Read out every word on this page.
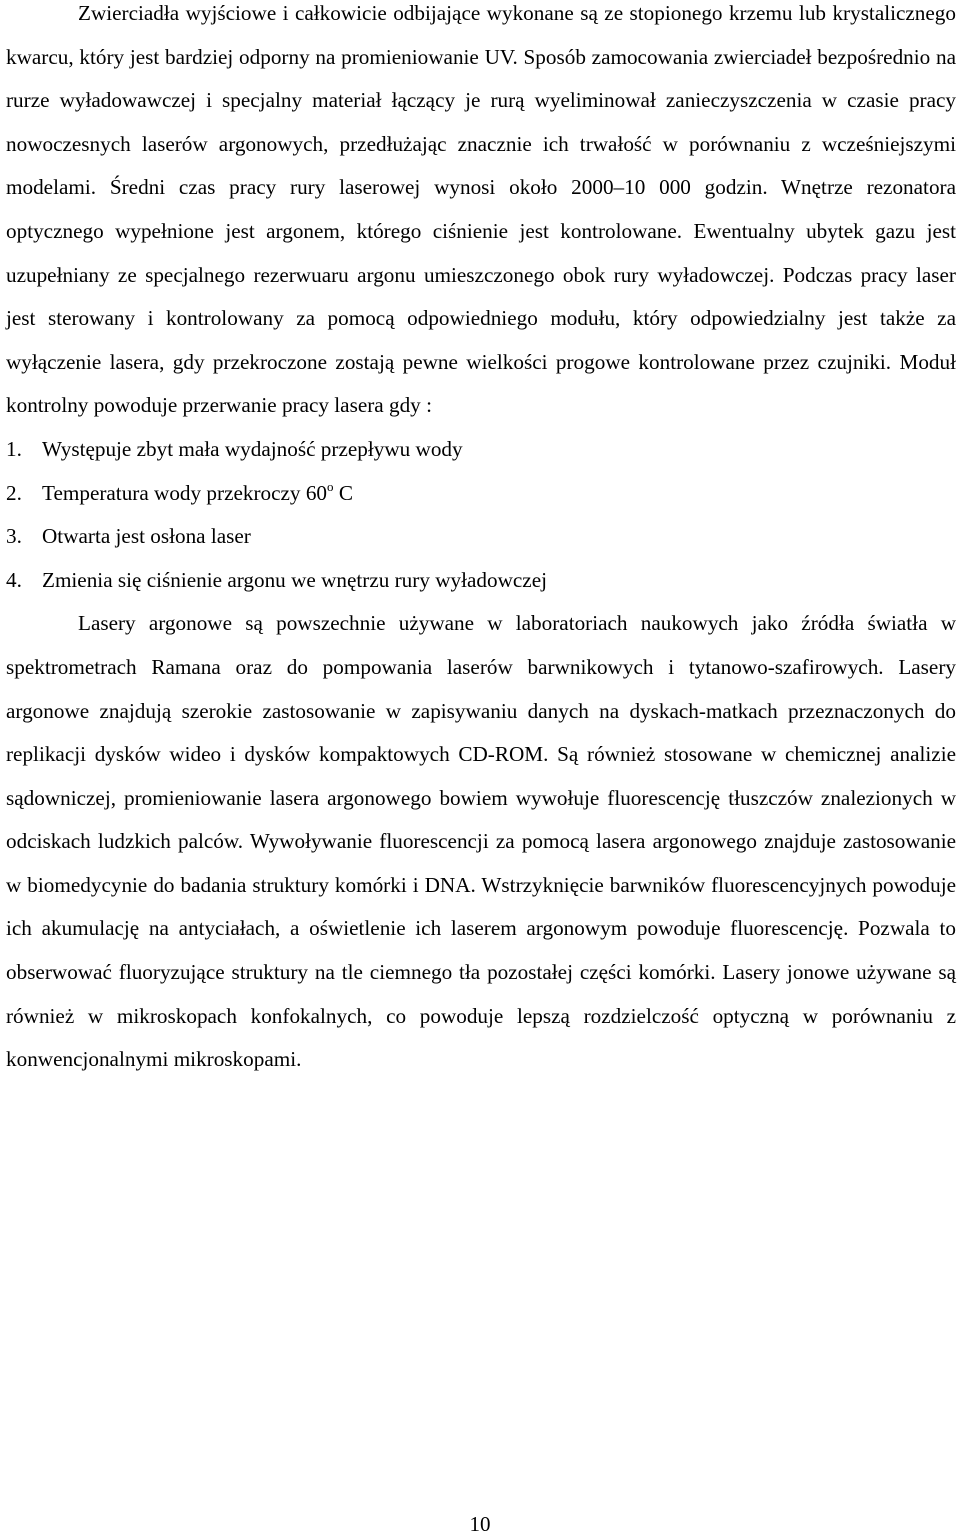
Zwierciadła wyjściowe i całkowicie odbijające wykonane są ze stopionego krzemu lub krystalicznego kwarcu, który jest bardziej odporny na promieniowanie UV. Sposób zamocowania zwierciadeł bezpośrednio na rurze wyładowawczej i specjalny materiał łączący je rurą wyeliminował zanieczyszczenia w czasie pracy nowoczesnych laserów argonowych, przedłużając znacznie ich trwałość w porównaniu z wcześniejszymi modelami. Średni czas pracy rury laserowej wynosi około 2000–10 000 godzin. Wnętrze rezonatora optycznego wypełnione jest argonem, którego ciśnienie jest kontrolowane. Ewentualny ubytek gazu jest uzupełniany ze specjalnego rezerwuaru argonu umieszczonego obok rury wyładowczej. Podczas pracy laser jest sterowany i kontrolowany za pomocą odpowiedniego modułu, który odpowiedzialny jest także za wyłączenie lasera, gdy przekroczone zostają pewne wielkości progowe kontrolowane przez czujniki. Moduł kontrolny powoduje przerwanie pracy lasera gdy :

1. Występuje zbyt mała wydajność przepływu wody
2. Temperatura wody przekroczy 60$^o$ C
3. Otwarta jest osłona laser
4. Zmienia się ciśnienie argonu we wnętrzu rury wyładowczej

Lasery argonowe są powszechnie używane w laboratoriach naukowych jako źródła światła w spektrometrach Ramana oraz do pompowania laserów barwnikowych i tytanowo-szafirowych. Lasery argonowe znajdują szerokie zastosowanie w zapisywaniu danych na dyskach-matkach przeznaczonych do replikacji dysków wideo i dysków kompaktowych CD-ROM. Są również stosowane w chemicznej analizie sądowniczej, promieniowanie lasera argonowego bowiem wywołuje fluorescencję tłuszczów znalezionych w odciskach ludzkich palców. Wywoływanie fluorescencji za pomocą lasera argonowego znajduje zastosowanie w biomedycynie do badania struktury komórki i DNA. Wstrzyknięcie barwników fluorescencyjnych powoduje ich akumulację na antyciałach, a oświetlenie ich laserem argonowym powoduje fluorescencję. Pozwala to obserwować fluoryzujące struktury na tle ciemnego tła pozostałej części komórki. Lasery jonowe używane są również w mikroskopach konfokalnych, co powoduje lepszą rozdzielczość optyczną w porównaniu z konwencjonalnymi mikroskopami.

10
